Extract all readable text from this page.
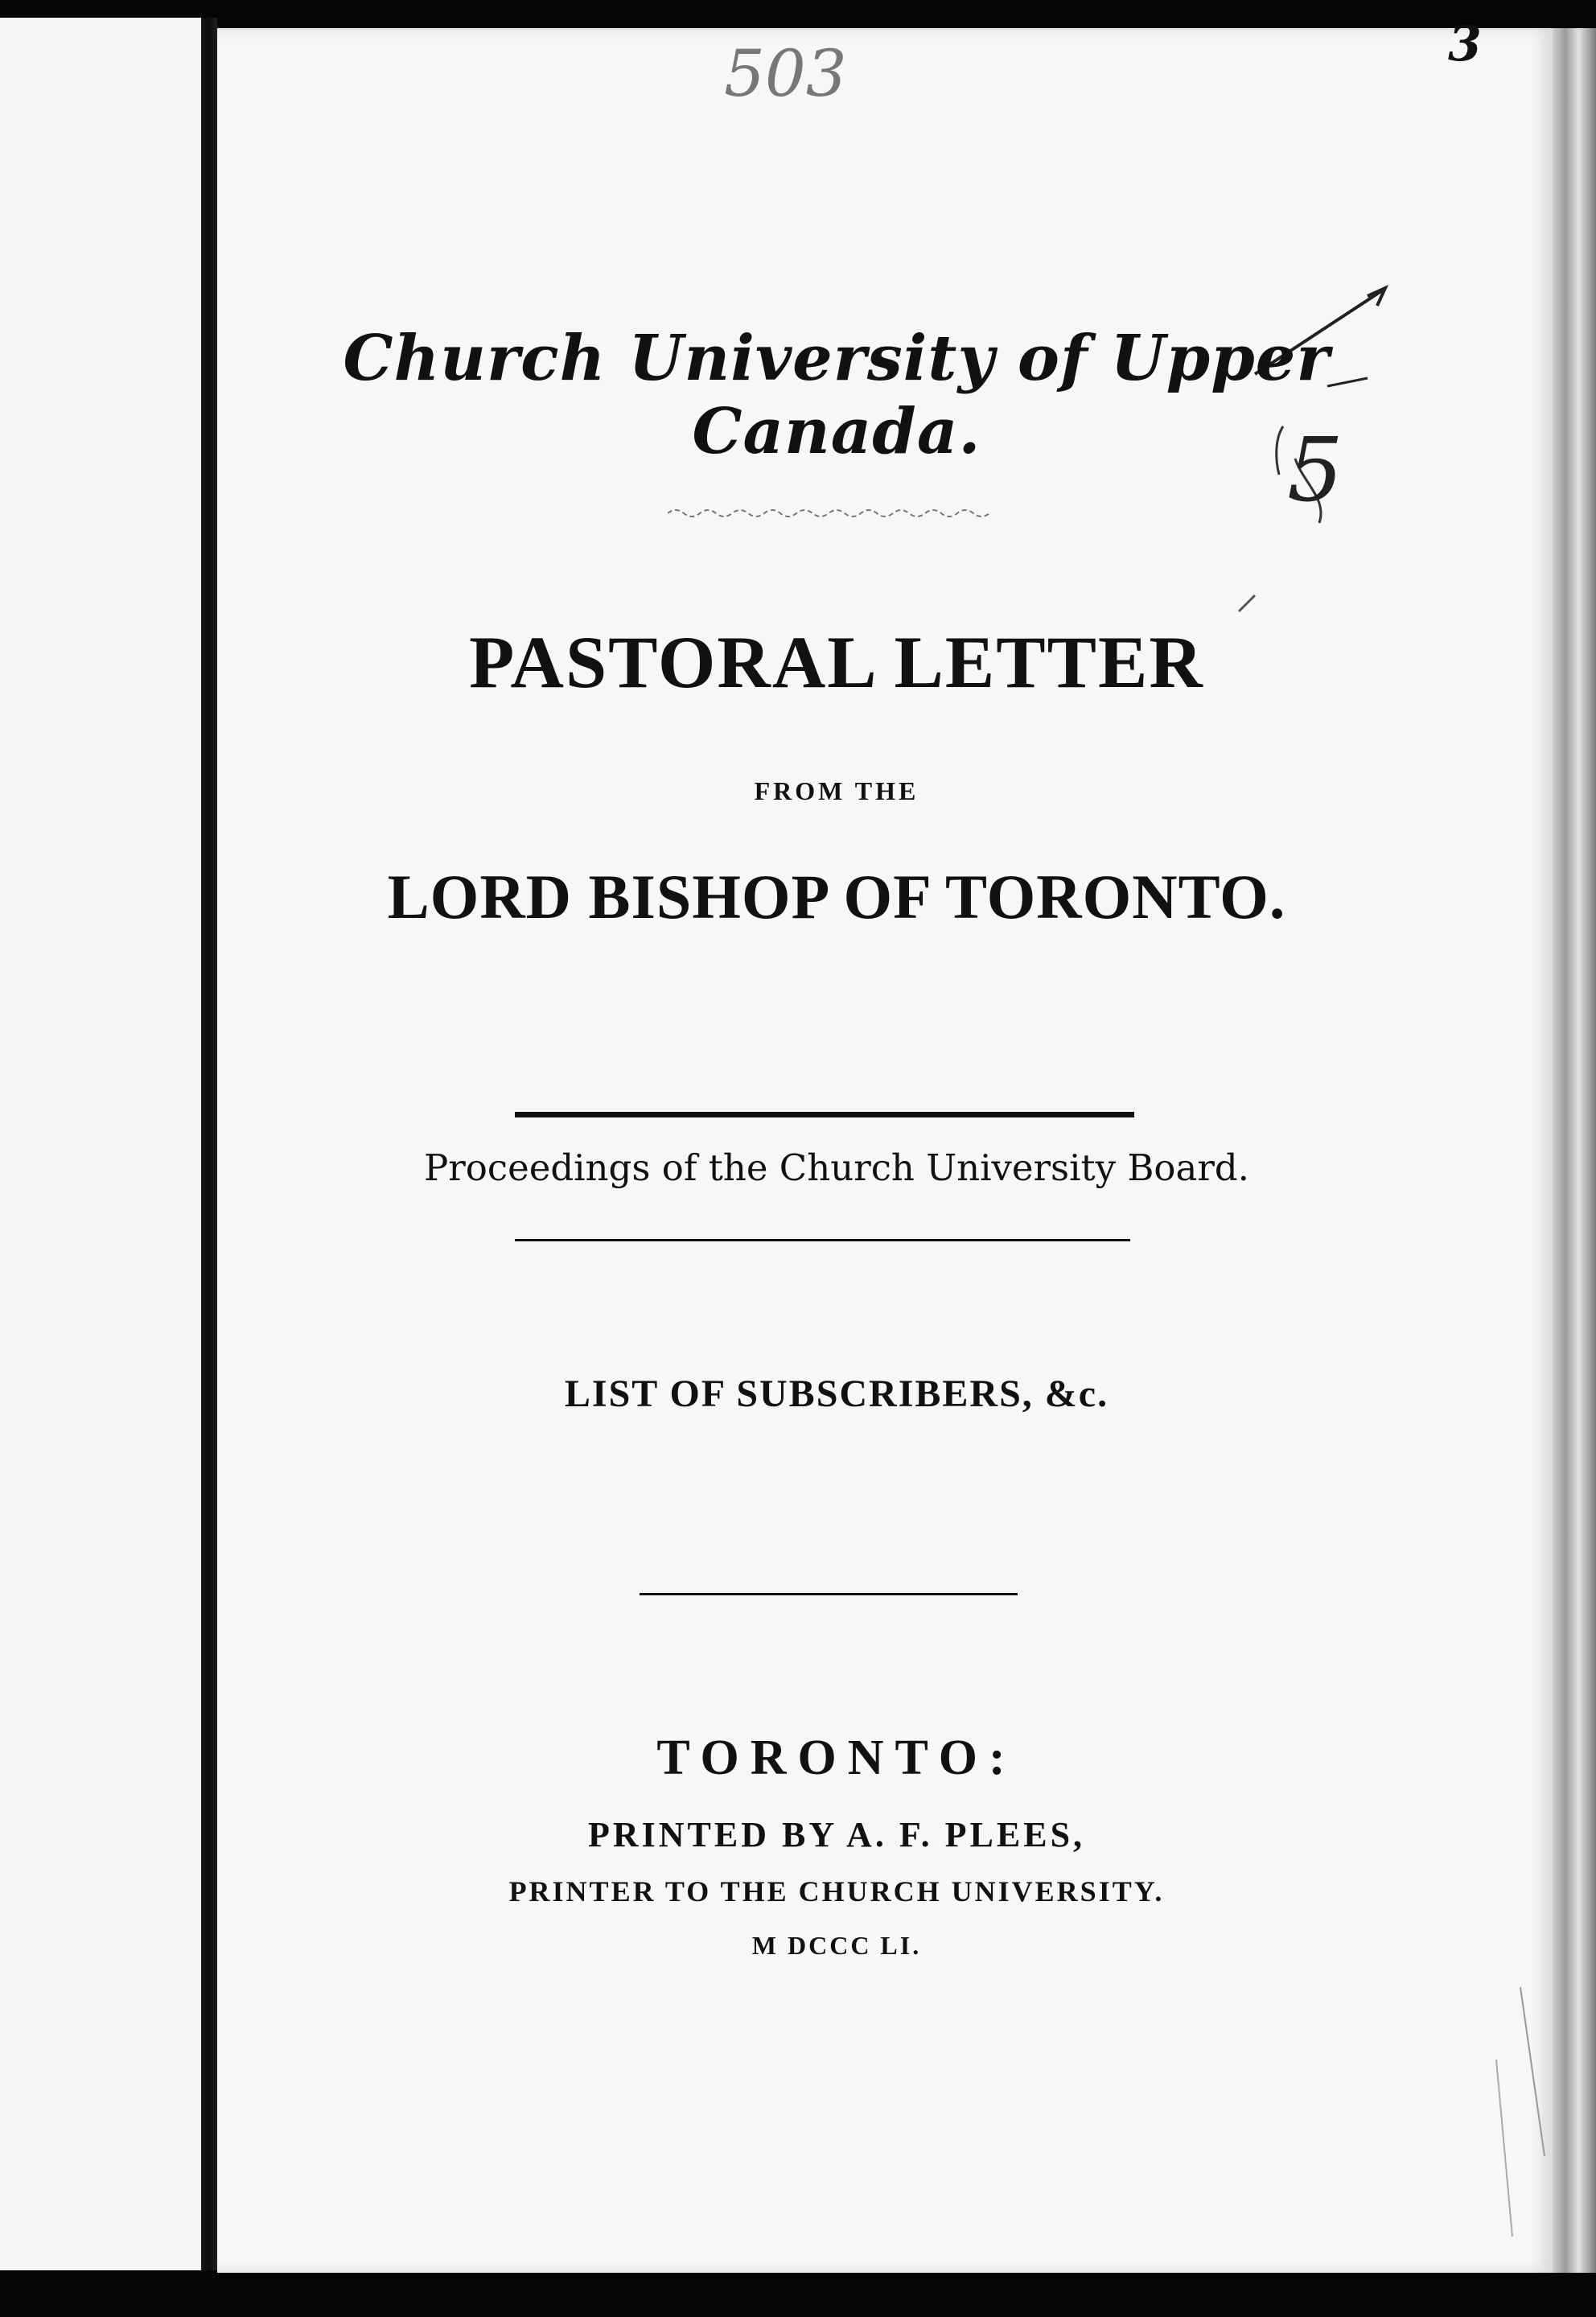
503	3
Church University of Upper Canada.
PASTORAL LETTER
FROM THE
LORD BISHOP OF TORONTO.
Proceedings of the Church University Board.
LIST OF SUBSCRIBERS, &c.
TORONTO:
PRINTED BY A. F. PLEES,
PRINTER TO THE CHURCH UNIVERSITY.
M DCCC LI.
5
